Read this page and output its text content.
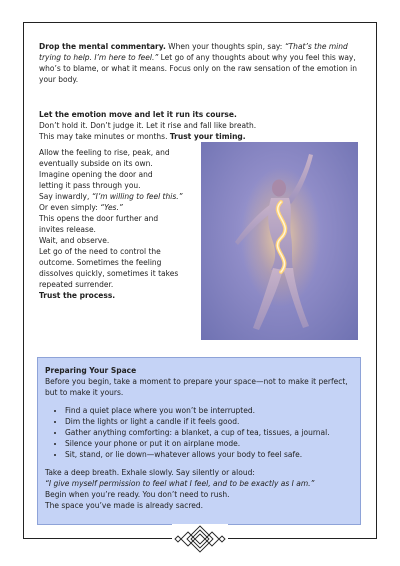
Drop the mental commentary. When your thoughts spin, say: “That’s the mind trying to help. I’m here to feel.” Let go of any thoughts about why you feel this way, who’s to blame, or what it means. Focus only on the raw sensation of the emotion in your body.

Let the emotion move and let it run its course.
Don’t hold it. Don’t judge it. Let it rise and fall like breath.
This may take minutes or months. Trust your timing.
Allow the feeling to rise, peak, and
eventually subside on its own.
Imagine opening the door and
letting it pass through you.
Say inwardly, “I’m willing to feel this.”
Or even simply: “Yes.”
This opens the door further and
invites release.
Wait, and observe.
Let go of the need to control the
outcome. Sometimes the feeling
dissolves quickly, sometimes it takes
repeated surrender.
Trust the process.
Preparing Your Space
Before you begin, take a moment to prepare your space—not to make it perfect, but to make it yours.
• Find a quiet place where you won’t be interrupted.
• Dim the lights or light a candle if it feels good.
• Gather anything comforting: a blanket, a cup of tea, tissues, a journal.
• Silence your phone or put it on airplane mode.
• Sit, stand, or lie down—whatever allows your body to feel safe.
Take a deep breath. Exhale slowly. Say silently or aloud:
“I give myself permission to feel what I feel, and to be exactly as I am.”
Begin when you’re ready. You don’t need to rush.
The space you’ve made is already sacred.
